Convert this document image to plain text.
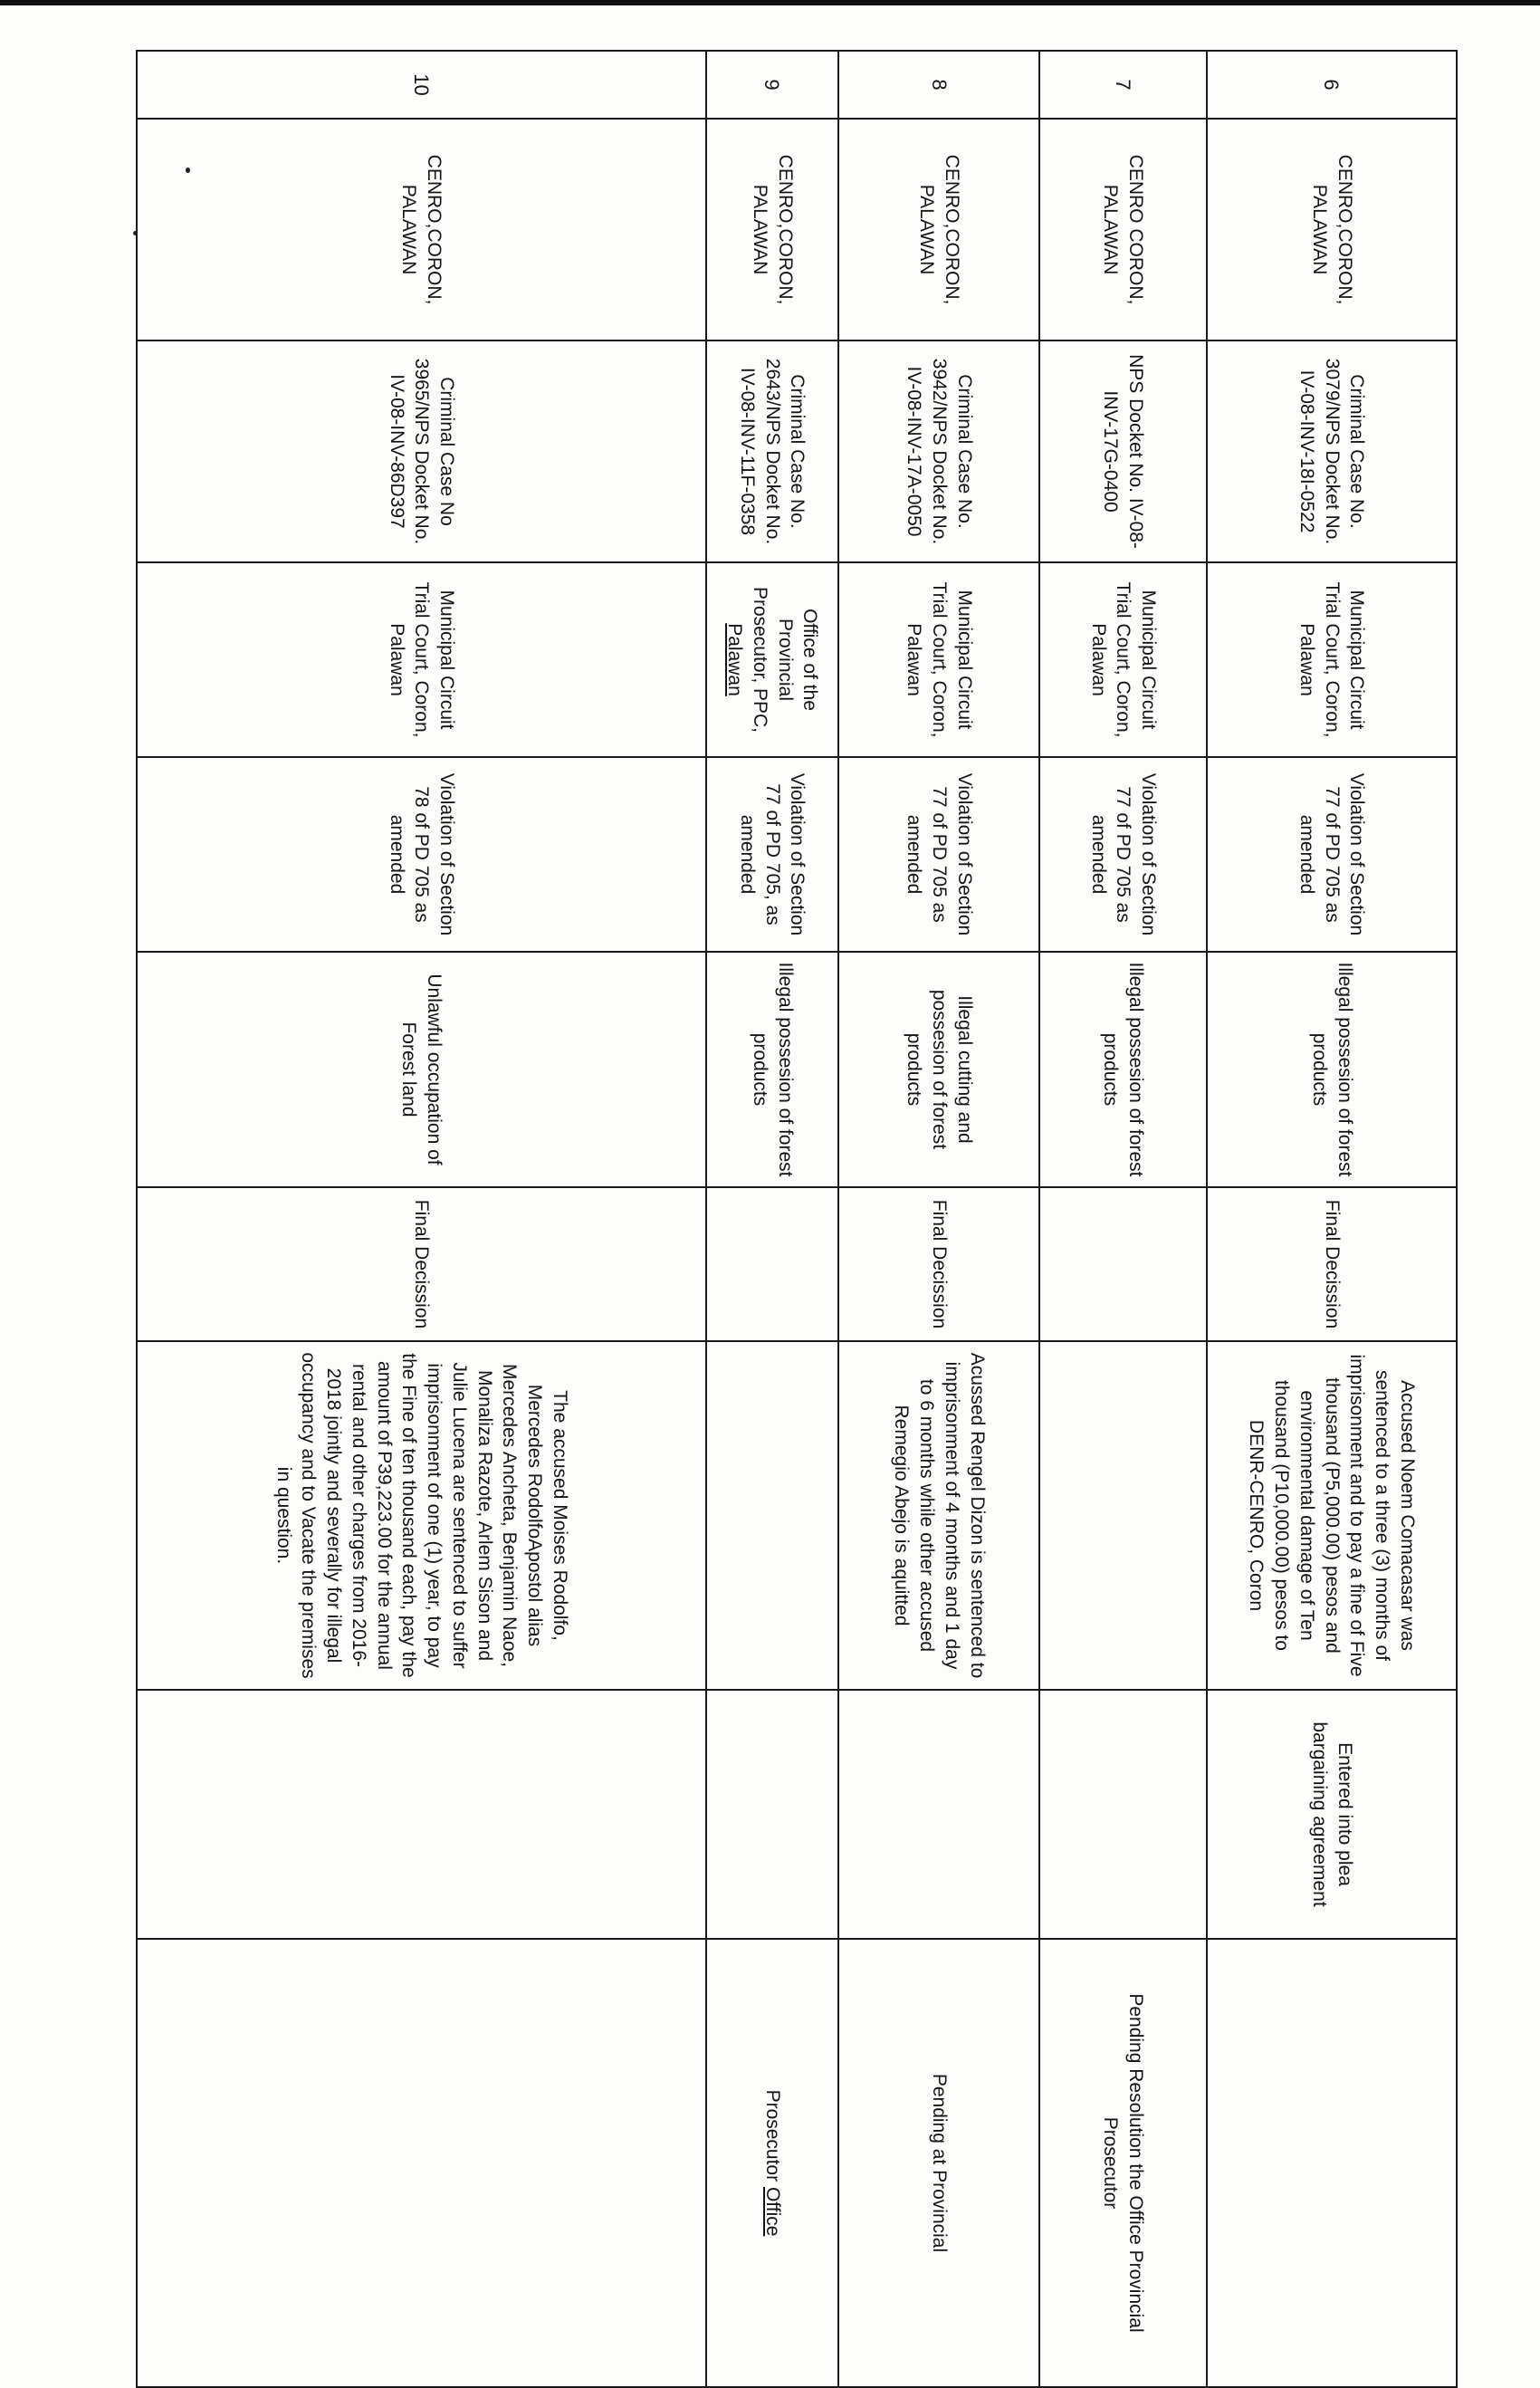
6	CENRO,CORON, PALAWAN	Criminal Case No. 3079/NPS Docket No. IV-08-INV-18I-0522	Municipal Circuit Trial Court, Coron, Palawan	Violation of Section 77 of PD 705 as amended	Illegal possesion of forest products	Final Decission	Accused Noem Comacasar was sentenced to a three (3) months of imprisonment and to pay a fine of Five thousand (P5,000.00) pesos and environmental damage of Ten thousand (P10,000.00) pesos to DENR-CENRO, Coron	Entered into plea bargaining agreement	
7	CENRO CORON, PALAWAN	NPS Docket No. IV-08-INV-17G-0400	Municipal Circuit Trial Court, Coron, Palawan	Violation of Section 77 of PD 705 as amended	Illegal possesion of forest products				Pending Resolution the Office Provincial Prosecutor
8	CENRO,CORON, PALAWAN	Criminal Case No. 3942/NPS Docket No. IV-08-INV-17A-0050	Municipal Circuit Trial Court, Coron, Palawan	Violation of Section 77 of PD 705 as amended	Illegal cutting and possesion of forest products	Final Decission	Acussed Rengel Dizon is sentenced to imprisonment of 4 months and 1 day to 6 months while other accused Remegio Abejo is aquitted		Pending at Provincial
9	CENRO,CORON, PALAWAN	Criminal Case No. 2643/NPS Docket No. IV-08-INV-11F-0358	Office of the Provincial Prosecutor, PPC, Palawan	Violation of Section 77 of PD 705, as amended	Illegal possesion of forest products				Prosecutor Office
10	CENRO,CORON, PALAWAN	Criminal Case No 3965/NPS Docket No. IV-08-INV-86D397	Municipal Circuit Trial Court, Coron, Palawan	Violation of Section 78 of PD 705 as amended	Unlawful occupation of Forest land	Final Decission	The accused Moises Rodolfo, Mercedes RodolfoApostol alias Mercedes Ancheta, Benjamin Naoe, Monaliza Razote, Arlem Sison and Julie Lucena are sentenced to suffer imprisonment of one (1) year, to pay the Fine of ten thousand each, pay the amount of P39,223.00 for the annual rental and other charges from 2016-2018 jointly and severally for illegal occupancy and to Vacate the premises in question.		
